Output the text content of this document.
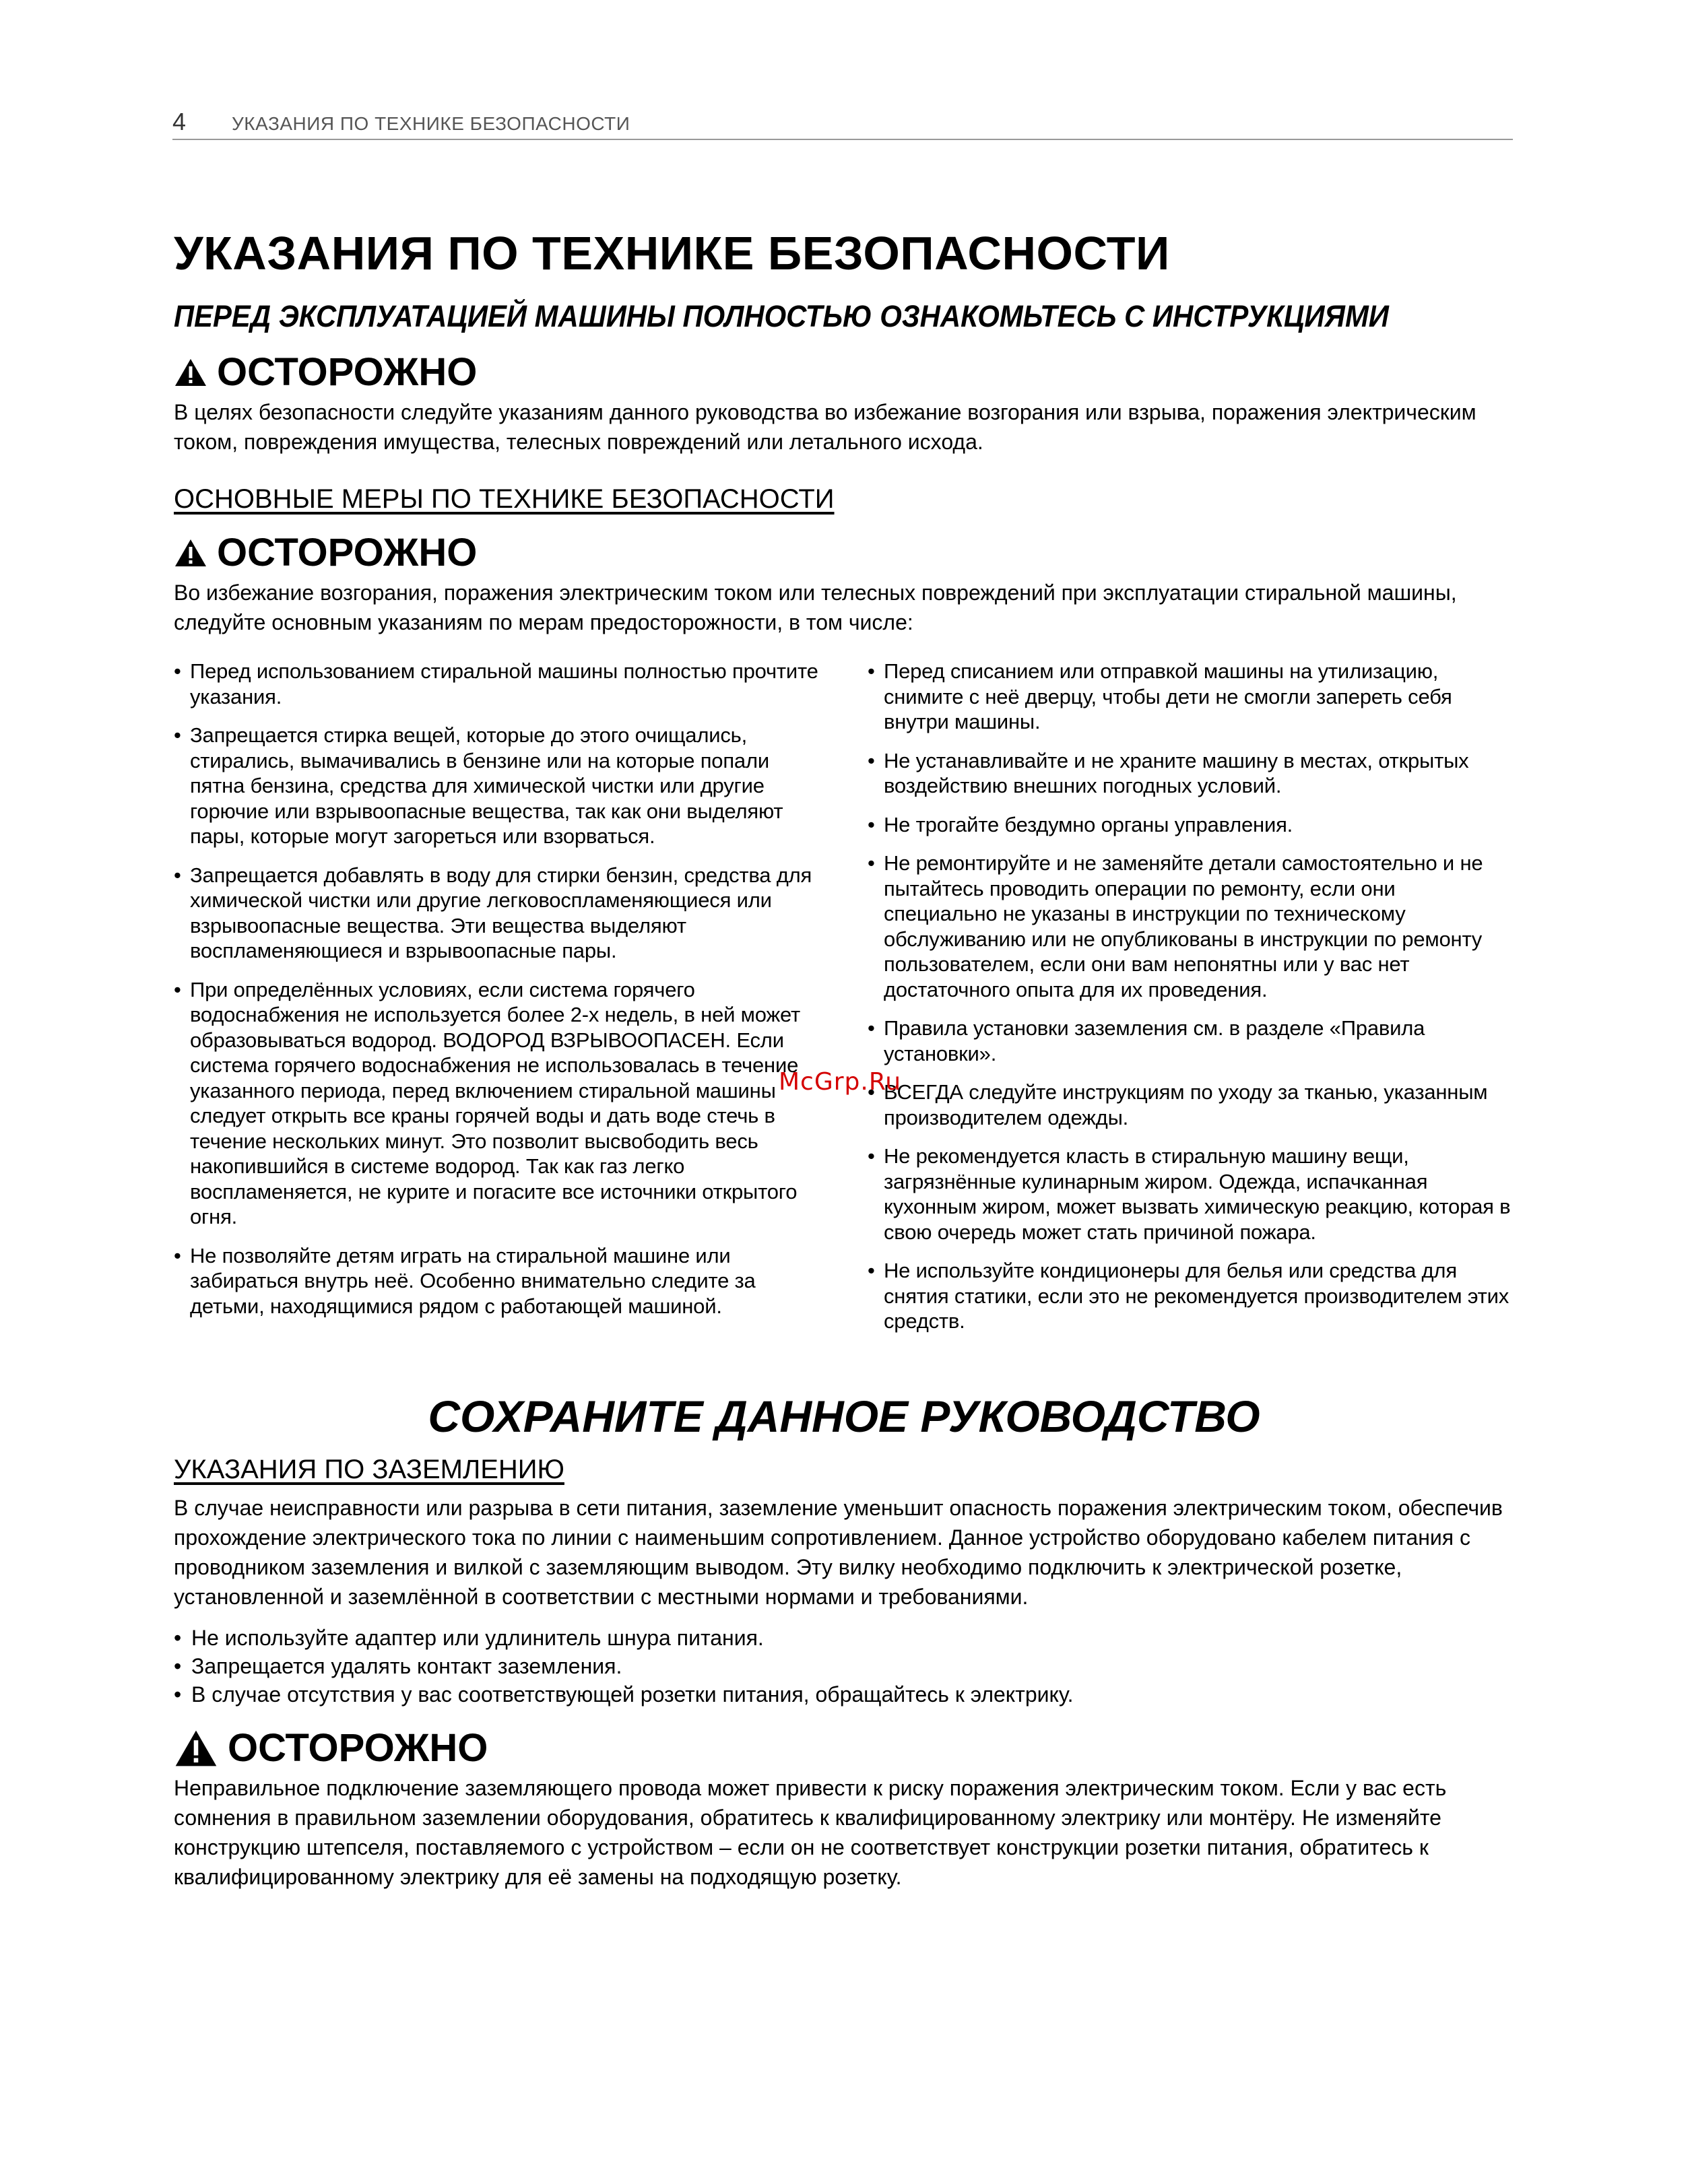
4 УКАЗАНИЯ ПО ТЕХНИКЕ БЕЗОПАСНОСТИ
УКАЗАНИЯ ПО ТЕХНИКЕ БЕЗОПАСНОСТИ
ПЕРЕД ЭКСПЛУАТАЦИЕЙ МАШИНЫ ПОЛНОСТЬЮ ОЗНАКОМЬТЕСЬ С ИНСТРУКЦИЯМИ
ОСТОРОЖНО

В целях безопасности следуйте указаниям данного руководства во избежание возгорания или взрыва, поражения электрическим током, повреждения имущества, телесных повреждений или летального исхода.

ОСНОВНЫЕ МЕРЫ ПО ТЕХНИКЕ БЕЗОПАСНОСТИ
ОСТОРОЖНО

Во избежание возгорания, поражения электрическим током или телесных повреждений при эксплуатации стиральной машины, следуйте основным указаниям по мерам предосторожности, в том числе:

• Перед использованием стиральной машины полностью прочтите указания.
• Запрещается стирка вещей, которые до этого очищались, стирались, вымачивались в бензине или на которые попали пятна бензина, средства для химической чистки или другие горючие или взрывоопасные вещества, так как они выделяют пары, которые могут загореться или взорваться.
• Запрещается добавлять в воду для стирки бензин, средства для химической чистки или другие легковоспламеняющиеся или взрывоопасные вещества. Эти вещества выделяют воспламеняющиеся и взрывоопасные пары.
• При определённых условиях, если система горячего водоснабжения не используется более 2-х недель, в ней может образовываться водород. ВОДОРОД ВЗРЫВООПАСЕН. Если система горячего водоснабжения не использовалась в течение указанного периода, перед включением стиральной машины следует открыть все краны горячей воды и дать воде стечь в течение нескольких минут. Это позволит высвободить весь накопившийся в системе водород. Так как газ легко воспламеняется, не курите и погасите все источники открытого огня.
• Не позволяйте детям играть на стиральной машине или забираться внутрь неё. Особенно внимательно следите за детьми, находящимися рядом с работающей машиной.
• Перед списанием или отправкой машины на утилизацию, снимите с неё дверцу, чтобы дети не смогли запереть себя внутри машины.
• Не устанавливайте и не храните машину в местах, открытых воздействию внешних погодных условий.
• Не трогайте бездумно органы управления.
• Не ремонтируйте и не заменяйте детали самостоятельно и не пытайтесь проводить операции по ремонту, если они специально не указаны в инструкции по техническому обслуживанию или не опубликованы в инструкции по ремонту пользователем, если они вам непонятны или у вас нет достаточного опыта для их проведения.
• Правила установки заземления см. в разделе «Правила установки».
• ВСЕГДА следуйте инструкциям по уходу за тканью, указанным производителем одежды.
• Не рекомендуется класть в стиральную машину вещи, загрязнённые кулинарным жиром. Одежда, испачканная кухонным жиром, может вызвать химическую реакцию, которая в свою очередь может стать причиной пожара.
• Не используйте кондиционеры для белья или средства для снятия статики, если это не рекомендуется производителем этих средств.
СОХРАНИТЕ ДАННОЕ РУКОВОДСТВО
УКАЗАНИЯ ПО ЗАЗЕМЛЕНИЮ

В случае неисправности или разрыва в сети питания, заземление уменьшит опасность поражения электрическим током, обеспечив прохождение электрического тока по линии с наименьшим сопротивлением. Данное устройство оборудовано кабелем питания с проводником заземления и вилкой с заземляющим выводом. Эту вилку необходимо подключить к электрической розетке, установленной и заземлённой в соответствии с местными нормами и требованиями.

• Не используйте адаптер или удлинитель шнура питания.
• Запрещается удалять контакт заземления.
• В случае отсутствия у вас соответствующей розетки питания, обращайтесь к электрику.
ОСТОРОЖНО

Неправильное подключение заземляющего провода может привести к риску поражения электрическим током. Если у вас есть сомнения в правильном заземлении оборудования, обратитесь к квалифицированному электрику или монтёру. Не изменяйте конструкцию штепселя, поставляемого с устройством – если он не соответствует конструкции розетки питания, обратитесь к квалифицированному электрику для её замены на подходящую розетку.

McGrp.Ru
